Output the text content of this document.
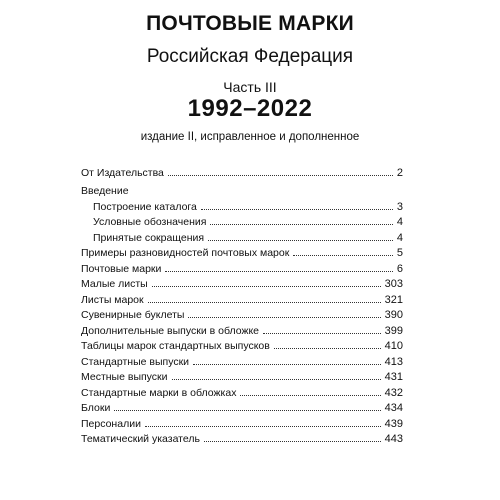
ПОЧТОВЫЕ МАРКИ
Российская Федерация
Часть III
1992–2022
издание II, исправленное и дополненное
От Издательства	2
Введение
Построение каталога	3
Условные обозначения	4
Принятые сокращения	4
Примеры разновидностей почтовых марок	5
Почтовые марки	6
Малые листы	303
Листы марок	321
Сувенирные буклеты	390
Дополнительные выпуски в обложке	399
Таблицы марок стандартных выпусков	410
Стандартные выпуски	413
Местные выпуски	431
Стандартные марки в обложках	432
Блоки	434
Персоналии	439
Тематический указатель	443
